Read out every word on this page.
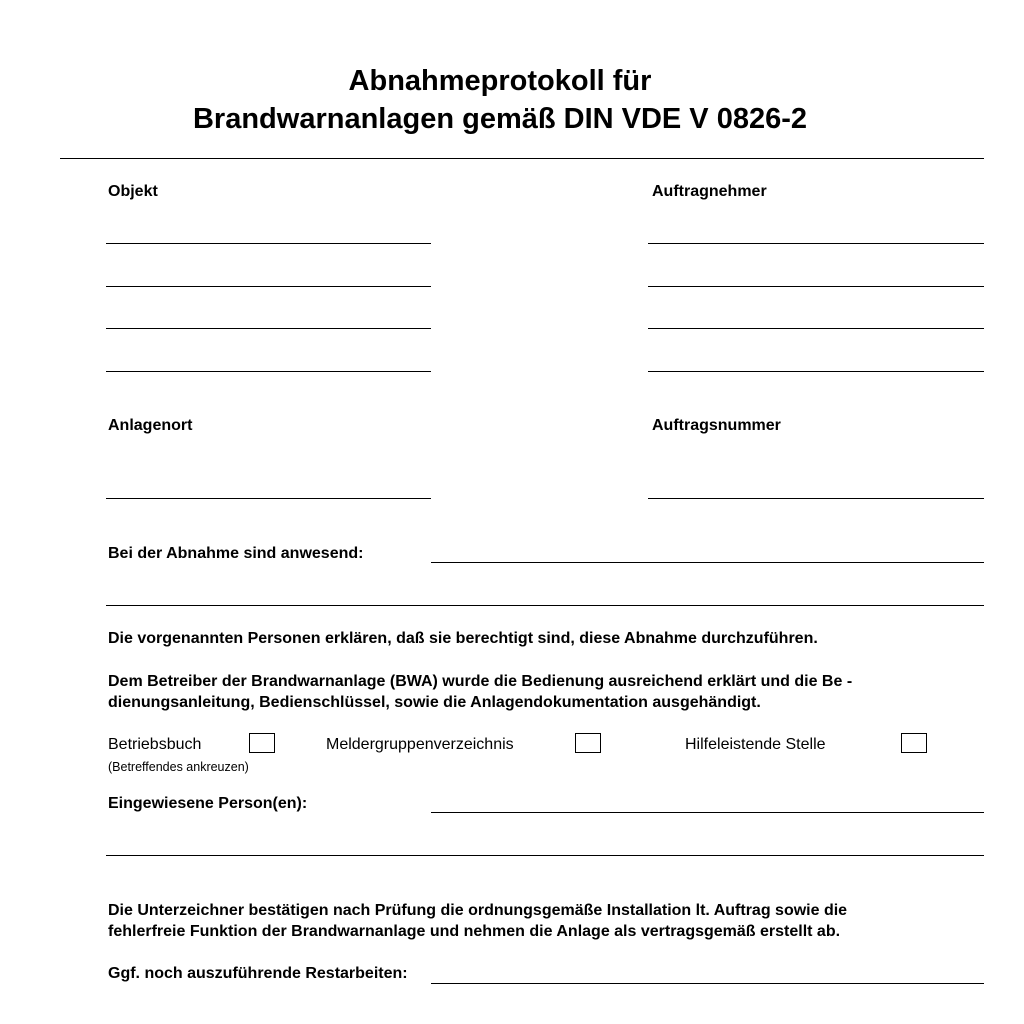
Abnahmeprotokoll für
Brandwarnanlagen gemäß DIN VDE V 0826-2
Objekt	Auftragnehmer
Anlagenort	Auftragsnummer
Bei der Abnahme sind anwesend:
Die vorgenannten Personen erklären, daß sie berechtigt sind, diese Abnahme durchzuführen.
Dem Betreiber der Brandwarnanlage (BWA) wurde die Bedienung ausreichend erklärt und die Be -
dienungsanleitung, Bedienschlüssel, sowie die Anlagendokumentation ausgehändigt.
Betriebsbuch	Meldergruppenverzeichnis	Hilfeleistende Stelle
(Betreffendes ankreuzen)
Eingewiesene Person(en):
Die Unterzeichner bestätigen nach Prüfung die ordnungsgemäße Installation lt. Auftrag sowie die
fehlerfreie Funktion der Brandwarnanlage und nehmen die Anlage als vertragsgemäß erstellt ab.
Ggf. noch auszuführende Restarbeiten:
